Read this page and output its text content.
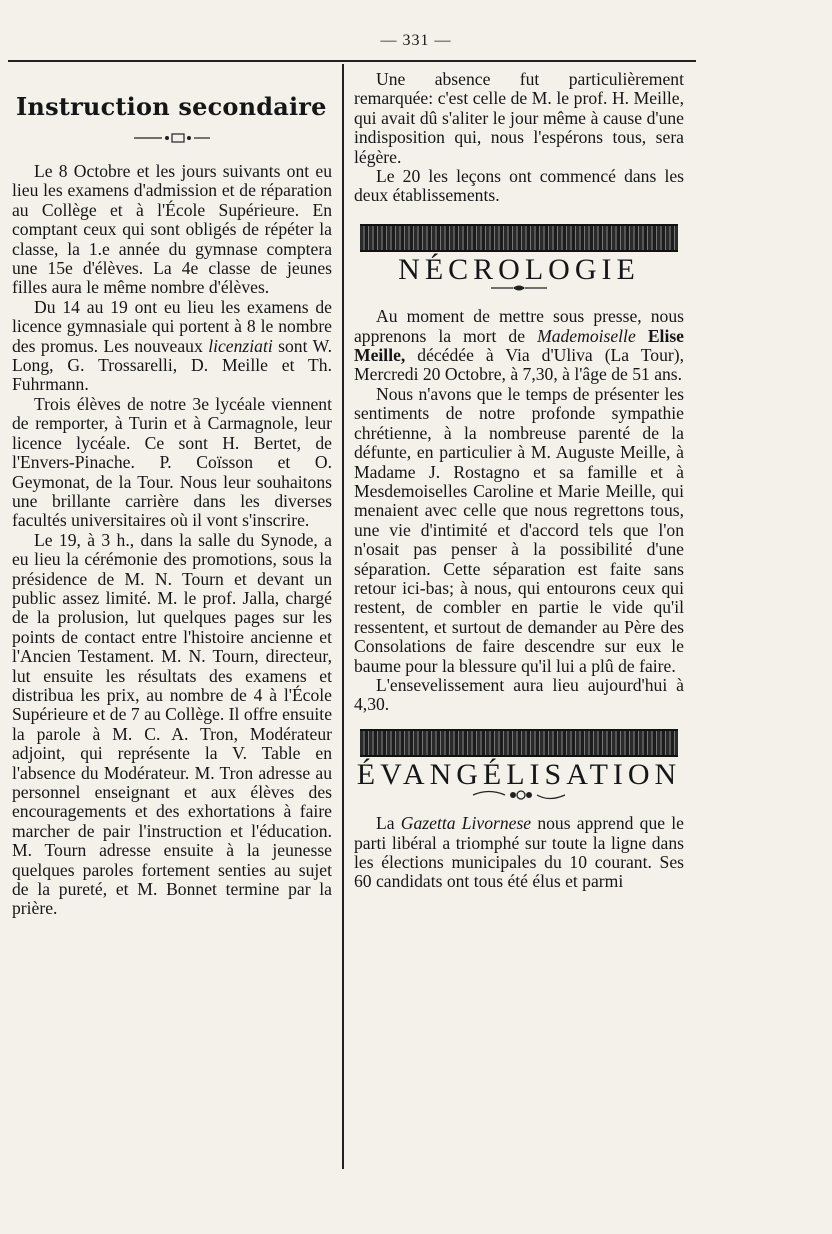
— 331 —
Instruction secondaire

Le 8 Octobre et les jours suivants ont eu lieu les examens d'admission et de réparation au Collège et à l'École Supérieure. En comptant ceux qui sont obligés de répéter la classe, la 1.e année du gymnase comptera une 15e d'élèves. La 4e classe de jeunes filles aura le même nombre d'élèves.

Du 14 au 19 ont eu lieu les examens de licence gymnasiale qui portent à 8 le nombre des promus. Les nouveaux licenziati sont W. Long, G. Trossarelli, D. Meille et Th. Fuhrmann.

Trois élèves de notre 3e lycéale viennent de remporter, à Turin et à Carmagnole, leur licence lycéale. Ce sont H. Bertet, de l'Envers-Pinache. P. Coïsson et O. Geymonat, de la Tour. Nous leur souhaitons une brillante carrière dans les diverses facultés universitaires où il vont s'inscrire.

Le 19, à 3 h., dans la salle du Synode, a eu lieu la cérémonie des promotions, sous la présidence de M. N. Tourn et devant un public assez limité. M. le prof. Jalla, chargé de la prolusion, lut quelques pages sur les points de contact entre l'histoire ancienne et l'Ancien Testament. M. N. Tourn, directeur, lut ensuite les résultats des examens et distribua les prix, au nombre de 4 à l'École Supérieure et de 7 au Collège. Il offre ensuite la parole à M. C. A. Tron, Modérateur adjoint, qui représente la V. Table en l'absence du Modérateur. M. Tron adresse au personnel enseignant et aux élèves des encouragements et des exhortations à faire marcher de pair l'instruction et l'éducation. M. Tourn adresse ensuite à la jeunesse quelques paroles fortement senties au sujet de la pureté, et M. Bonnet termine par la prière.

Une absence fut particulièrement remarquée: c'est celle de M. le prof. H. Meille, qui avait dû s'aliter le jour même à cause d'une indisposition qui, nous l'espérons tous, sera légère.

Le 20 les leçons ont commencé dans les deux établissements.

NÉCROLOGIE

Au moment de mettre sous presse, nous apprenons la mort de Mademoiselle Elise Meille, décédée à Via d'Uliva (La Tour), Mercredi 20 Octobre, à 7,30, à l'âge de 51 ans.

Nous n'avons que le temps de présenter les sentiments de notre profonde sympathie chrétienne, à la nombreuse parenté de la défunte, en particulier à M. Auguste Meille, à Madame J. Rostagno et sa famille et à Mesdemoiselles Caroline et Marie Meille, qui menaient avec celle que nous regrettons tous, une vie d'intimité et d'accord tels que l'on n'osait pas penser à la possibilité d'une séparation. Cette séparation est faite sans retour ici-bas; à nous, qui entourons ceux qui restent, de combler en partie le vide qu'il ressentent, et surtout de demander au Père des Consolations de faire descendre sur eux le baume pour la blessure qu'il lui a plû de faire.

L'ensevelissement aura lieu aujourd'hui à 4,30.

ÉVANGÉLISATION

La Gazetta Livornese nous apprend que le parti libéral a triomphé sur toute la ligne dans les élections municipales du 10 courant. Ses 60 candidats ont tous été élus et parmi
